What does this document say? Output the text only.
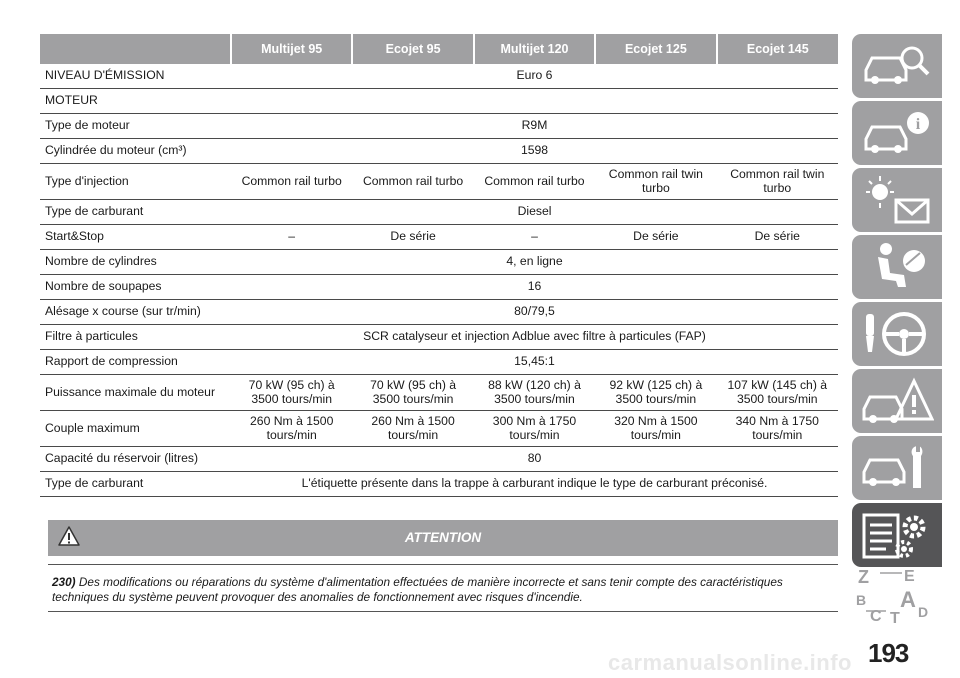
	Multijet 95	Ecojet 95	Multijet 120	Ecojet 125	Ecojet 145
NIVEAU D'ÉMISSION	Euro 6				
MOTEUR					
Type de moteur	R9M				
Cylindrée du moteur (cm³)	1598				
Type d'injection	Common rail turbo	Common rail turbo	Common rail turbo	Common rail twin turbo	Common rail twin turbo
Type de carburant	Diesel				
Start&Stop	–	De série	–	De série	De série
Nombre de cylindres	4, en ligne				
Nombre de soupapes	16				
Alésage x course (sur tr/min)	80/79,5				
Filtre à particules	SCR catalyseur et injection Adblue avec filtre à particules (FAP)				
Rapport de compression	15,45:1				
Puissance maximale du moteur	70 kW (95 ch) à 3500 tours/min	70 kW (95 ch) à 3500 tours/min	88 kW (120 ch) à 3500 tours/min	92 kW (125 ch) à 3500 tours/min	107 kW (145 ch) à 3500 tours/min
Couple maximum	260 Nm à 1500 tours/min	260 Nm à 1500 tours/min	300 Nm à 1750 tours/min	320 Nm à 1500 tours/min	340 Nm à 1750 tours/min
Capacité du réservoir (litres)	80				
Type de carburant	L'étiquette présente dans la trappe à carburant indique le type de carburant préconisé.				
ATTENTION
230) Des modifications ou réparations du système d'alimentation effectuées de manière incorrecte et sans tenir compte des caractéristiques techniques du système peuvent provoquer des anomalies de fonctionnement avec risques d'incendie.
i
Z E
B A
C	D
T
carmanualsonline.info 193
